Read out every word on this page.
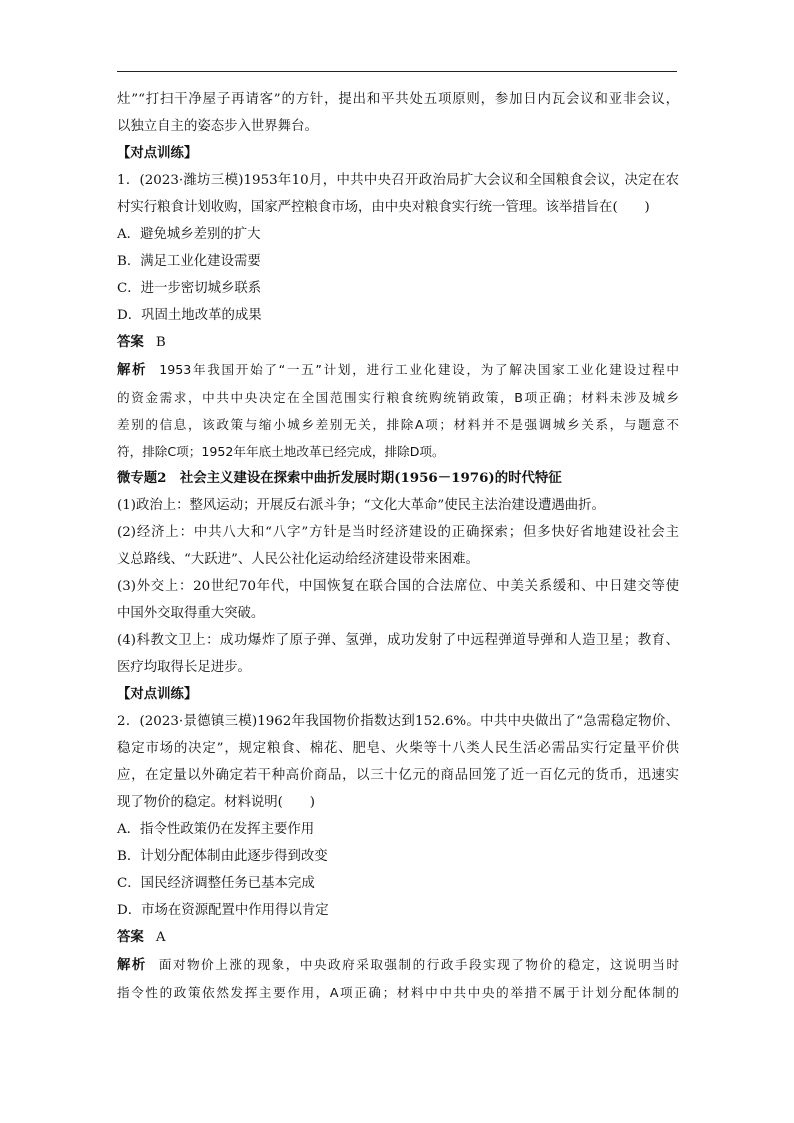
灶”“打扫干净屋子再请客”的方针，提出和平共处五项原则，参加日内瓦会议和亚非会议，
以独立自主的姿态步入世界舞台。
【对点训练】
1．(2023·潍坊三模)1953年10月，中共中央召开政治局扩大会议和全国粮食会议，决定在农
村实行粮食计划收购，国家严控粮食市场，由中央对粮食实行统一管理。该举措旨在(　　)
A．避免城乡差别的扩大
B．满足工业化建设需要
C．进一步密切城乡联系
D．巩固土地改革的成果
答案 B
解析 1953年我国开始了“一五”计划，进行工业化建设，为了解决国家工业化建设过程中
的资金需求，中共中央决定在全国范围实行粮食统购统销政策，B项正确；材料未涉及城乡
差别的信息，该政策与缩小城乡差别无关，排除A项；材料并不是强调城乡关系，与题意不
符，排除C项；1952年年底土地改革已经完成，排除D项。
微专题2　社会主义建设在探索中曲折发展时期(1956－1976)的时代特征
(1)政治上：整风运动；开展反右派斗争；“文化大革命”使民主法治建设遭遇曲折。
(2)经济上：中共八大和“八字”方针是当时经济建设的正确探索；但多快好省地建设社会主
义总路线、“大跃进”、人民公社化运动给经济建设带来困难。
(3)外交上：20世纪70年代，中国恢复在联合国的合法席位、中美关系缓和、中日建交等使
中国外交取得重大突破。
(4)科教文卫上：成功爆炸了原子弹、氢弹，成功发射了中远程弹道导弹和人造卫星；教育、
医疗均取得长足进步。
【对点训练】
2．(2023·景德镇三模)1962年我国物价指数达到152.6%。中共中央做出了“急需稳定物价、
稳定市场的决定”，规定粮食、棉花、肥皂、火柴等十八类人民生活必需品实行定量平价供
应，在定量以外确定若干种高价商品，以三十亿元的商品回笼了近一百亿元的货币，迅速实
现了物价的稳定。材料说明(　　)
A．指令性政策仍在发挥主要作用
B．计划分配体制由此逐步得到改变
C．国民经济调整任务已基本完成
D．市场在资源配置中作用得以肯定
答案 A
解析 面对物价上涨的现象，中央政府采取强制的行政手段实现了物价的稳定，这说明当时
指令性的政策依然发挥主要作用，A项正确；材料中中共中央的举措不属于计划分配体制的
